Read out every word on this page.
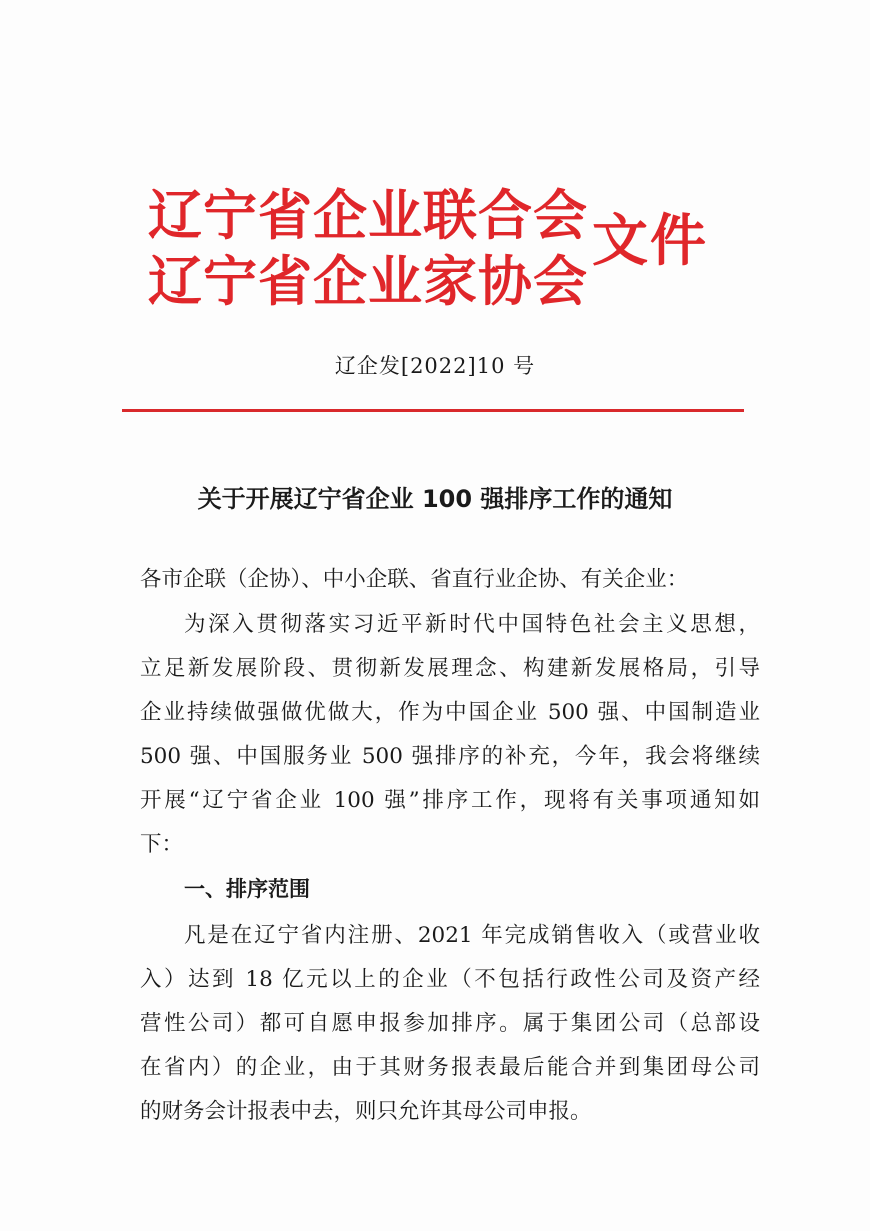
辽宁省企业联合会
辽宁省企业家协会
文件
辽企发[2022]10 号
关于开展辽宁省企业 100 强排序工作的通知
各市企联（企协）、中小企联、省直行业企协、有关企业：
为深入贯彻落实习近平新时代中国特色社会主义思想，
立足新发展阶段、贯彻新发展理念、构建新发展格局，引导
企业持续做强做优做大，作为中国企业 500 强、中国制造业
500 强、中国服务业 500 强排序的补充，今年，我会将继续
开展“辽宁省企业 100 强”排序工作，现将有关事项通知如
下：
一、排序范围
凡是在辽宁省内注册、2021 年完成销售收入（或营业收
入）达到 18 亿元以上的企业（不包括行政性公司及资产经
营性公司）都可自愿申报参加排序。属于集团公司（总部设
在省内）的企业，由于其财务报表最后能合并到集团母公司
的财务会计报表中去，则只允许其母公司申报。
